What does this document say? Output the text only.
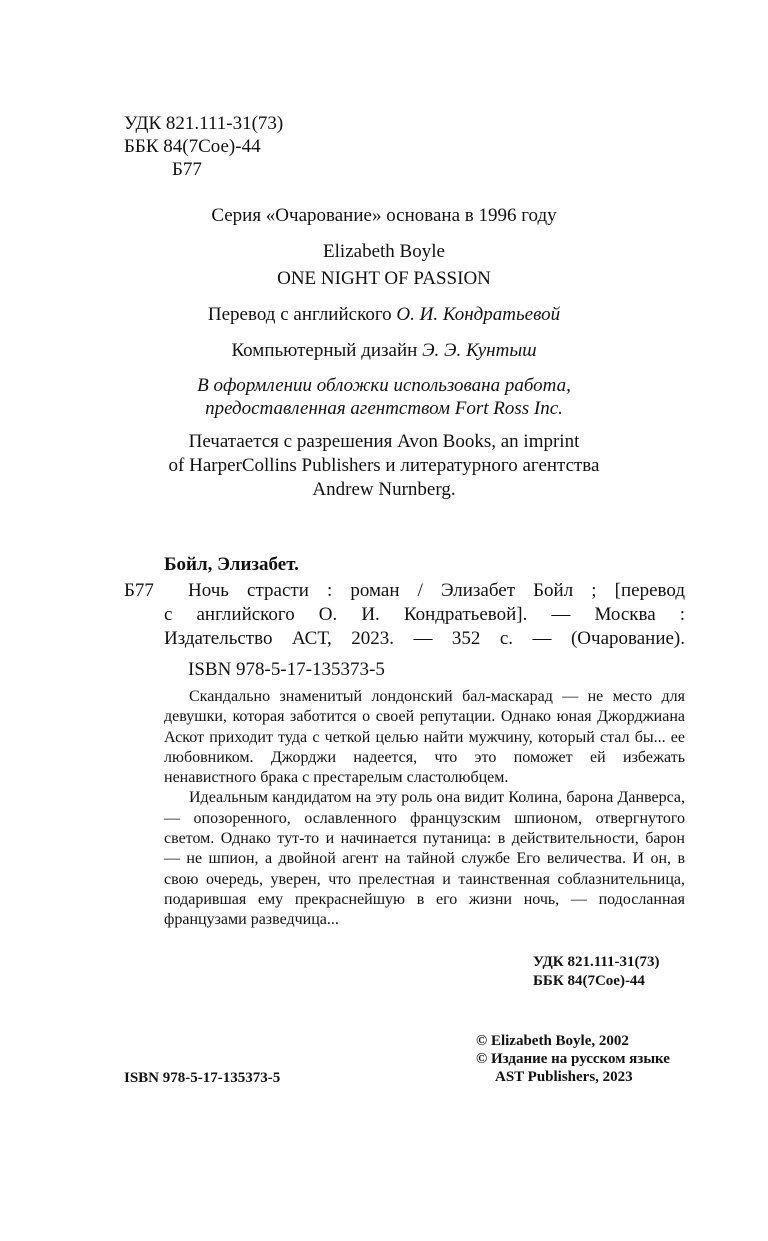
УДК 821.111-31(73)
ББК 84(7Сое)-44
Б77
Серия «Очарование» основана в 1996 году
Elizabeth Boyle
ONE NIGHT OF PASSION
Перевод с английского О. И. Кондратьевой
Компьютерный дизайн Э. Э. Кунтыш
В оформлении обложки использована работа,
предоставленная агентством Fort Ross Inc.
Печатается с разрешения Avon Books, an imprint
of HarperCollins Publishers и литературного агентства
Andrew Nurnberg.
Бойл, Элизабет.
Б77 Ночь страсти : роман / Элизабет Бойл ; [перевод
с английского О. И. Кондратьевой]. — Москва :
Издательство АСТ, 2023. — 352 с. — (Очарование).
ISBN 978-5-17-135373-5

Скандально знаменитый лондонский бал-маскарад — не место для девушки, которая заботится о своей репутации. Однако юная Джорджиана Аскот приходит туда с четкой целью найти мужчину, который стал бы... ее любовником. Джорджи надеется, что это поможет ей избежать ненавистного брака с престарелым сластолюбцем.

Идеальным кандидатом на эту роль она видит Колина, барона Данверса, — опозоренного, ославленного французским шпионом, отвергнутого светом. Однако тут-то и начинается путаница: в действительности, барон — не шпион, а двойной агент на тайной службе Его величества. И он, в свою очередь, уверен, что прелестная и таинственная соблазнительница, подарившая ему прекраснейшую в его жизни ночь, — подосланная французами разведчица...

УДК 821.111-31(73)
ББК 84(7Сое)-44
© Elizabeth Boyle, 2002
© Издание на русском языке
AST Publishers, 2023
ISBN 978-5-17-135373-5
